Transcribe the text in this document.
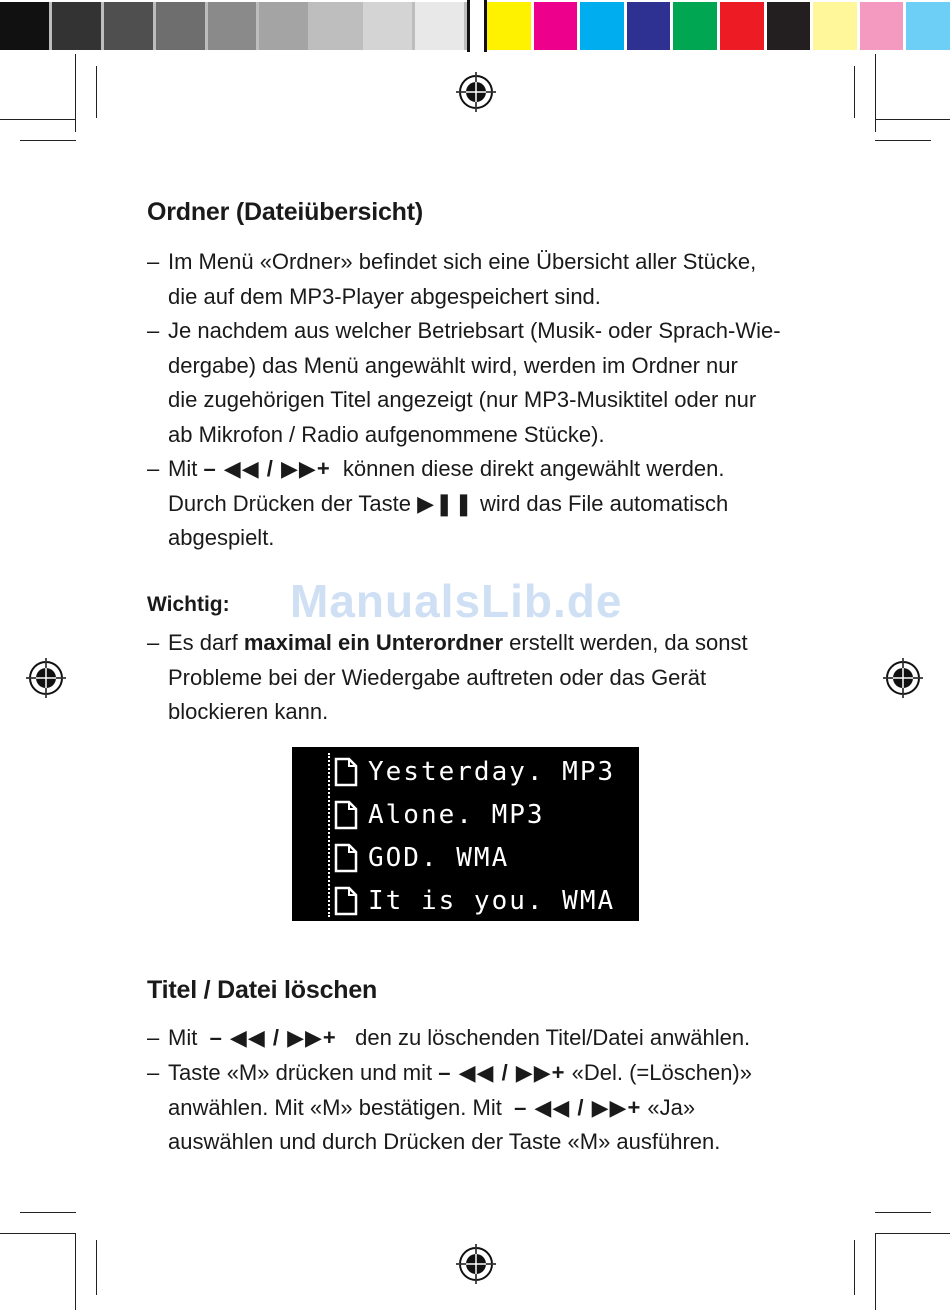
Ordner (Dateiübersicht)
– Im Menü «Ordner» befindet sich eine Übersicht aller Stücke,
die auf dem MP3-Player abgespeichert sind.
– Je nachdem aus welcher Betriebsart (Musik- oder Sprach-Wie-
dergabe) das Menü angewählt wird, werden im Ordner nur
die zugehörigen Titel angezeigt (nur MP3-Musiktitel oder nur
ab Mikrofon / Radio aufgenommene Stücke).
– Mit – ◀◀ / ▶▶+ können diese direkt angewählt werden.
Durch Drücken der Taste ▶❚❚ wird das File automatisch
abgespielt.
ManualsLib.de
Wichtig:
– Es darf maximal ein Unterordner erstellt werden, da sonst
Probleme bei der Wiedergabe auftreten oder das Gerät
blockieren kann.
Yesterday. MP3
Alone. MP3
GOD. WMA
It is you. WMA
Titel / Datei löschen
– Mit – ◀◀ / ▶▶+ den zu löschenden Titel/Datei anwählen.
– Taste «M» drücken und mit – ◀◀ / ▶▶+ «Del. (=Löschen)»
anwählen. Mit «M» bestätigen. Mit – ◀◀ / ▶▶+ «Ja»
auswählen und durch Drücken der Taste «M» ausführen.
